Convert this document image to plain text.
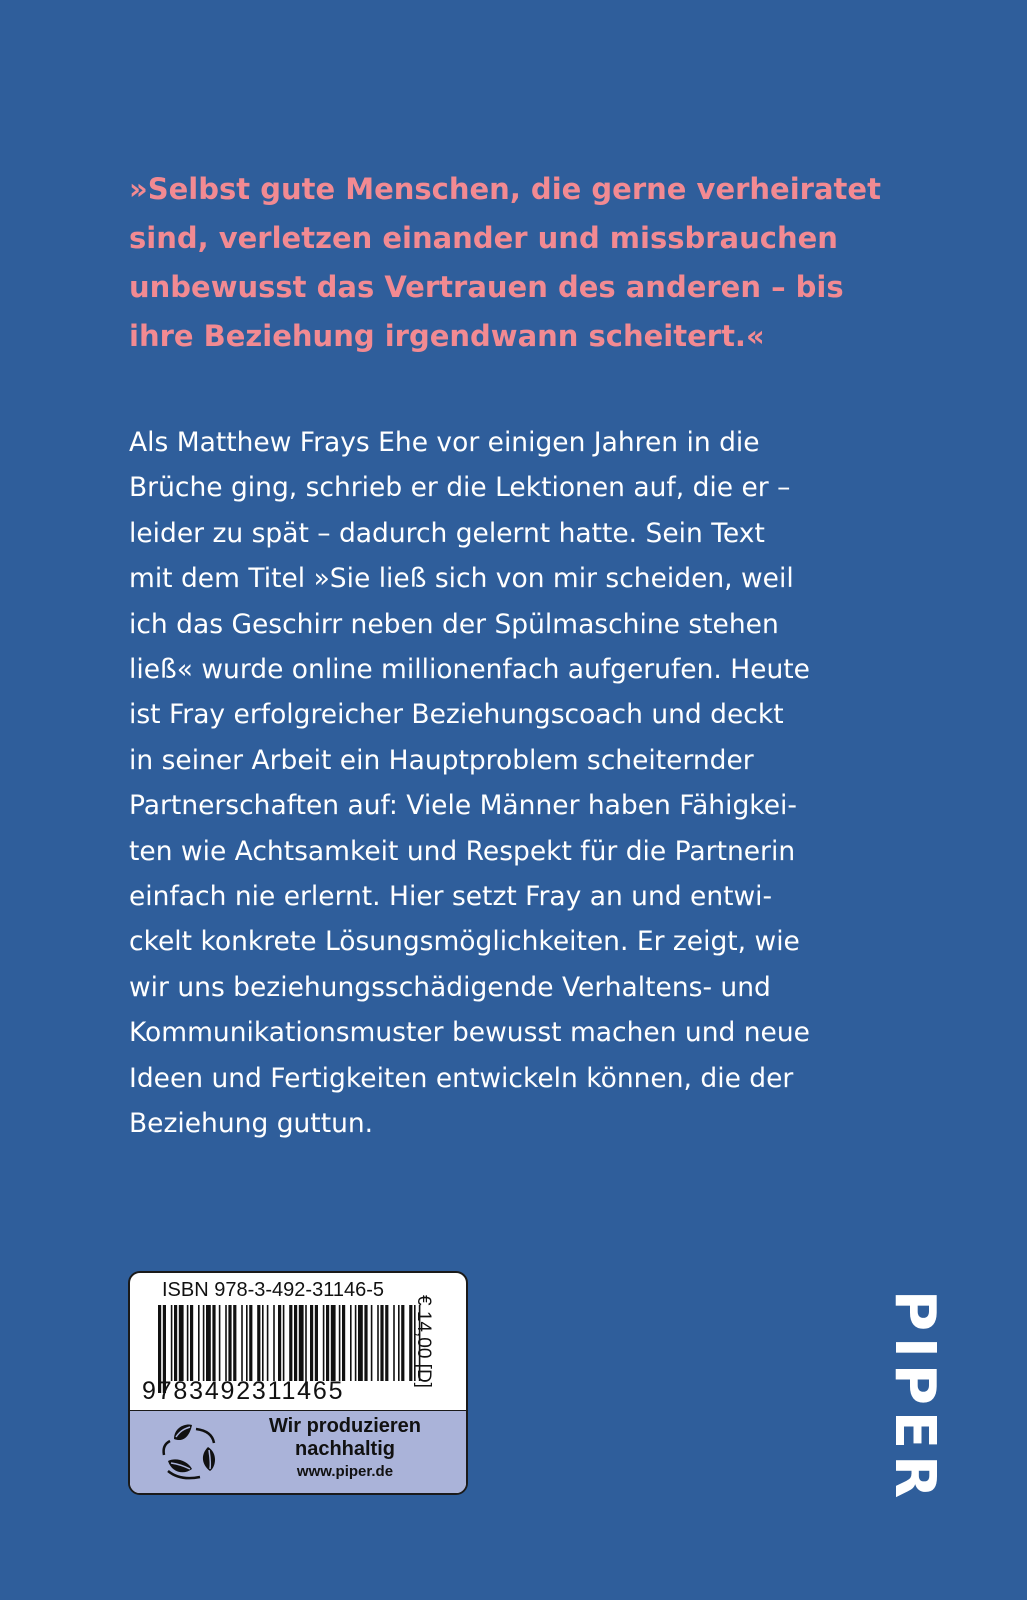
»Selbst gute Menschen, die gerne verheiratet
sind, verletzen einander und missbrauchen
unbewusst das Vertrauen des anderen – bis
ihre Beziehung irgendwann scheitert.«
Als Matthew Frays Ehe vor einigen Jahren in die
Brüche ging, schrieb er die Lektionen auf, die er –
leider zu spät – dadurch gelernt hatte. Sein Text
mit dem Titel »Sie ließ sich von mir scheiden, weil
ich das Geschirr neben der Spülmaschine stehen
ließ« wurde online millionenfach aufgerufen. Heute
ist Fray erfolgreicher Beziehungscoach und deckt
in seiner Arbeit ein Hauptproblem scheiternder
Partnerschaften auf: Viele Männer haben Fähigkei-
ten wie Achtsamkeit und Respekt für die Partnerin
einfach nie erlernt. Hier setzt Fray an und entwi-
ckelt konkrete Lösungsmöglichkeiten. Er zeigt, wie
wir uns beziehungsschädigende Verhaltens- und
Kommunikationsmuster bewusst machen und neue
Ideen und Fertigkeiten entwickeln können, die der
Beziehung guttun.
ISBN 978-3-492-31146-5
9783492311465
€ 14,00 [D]
Wir produzieren
nachhaltig
www.piper.de	PIPER
